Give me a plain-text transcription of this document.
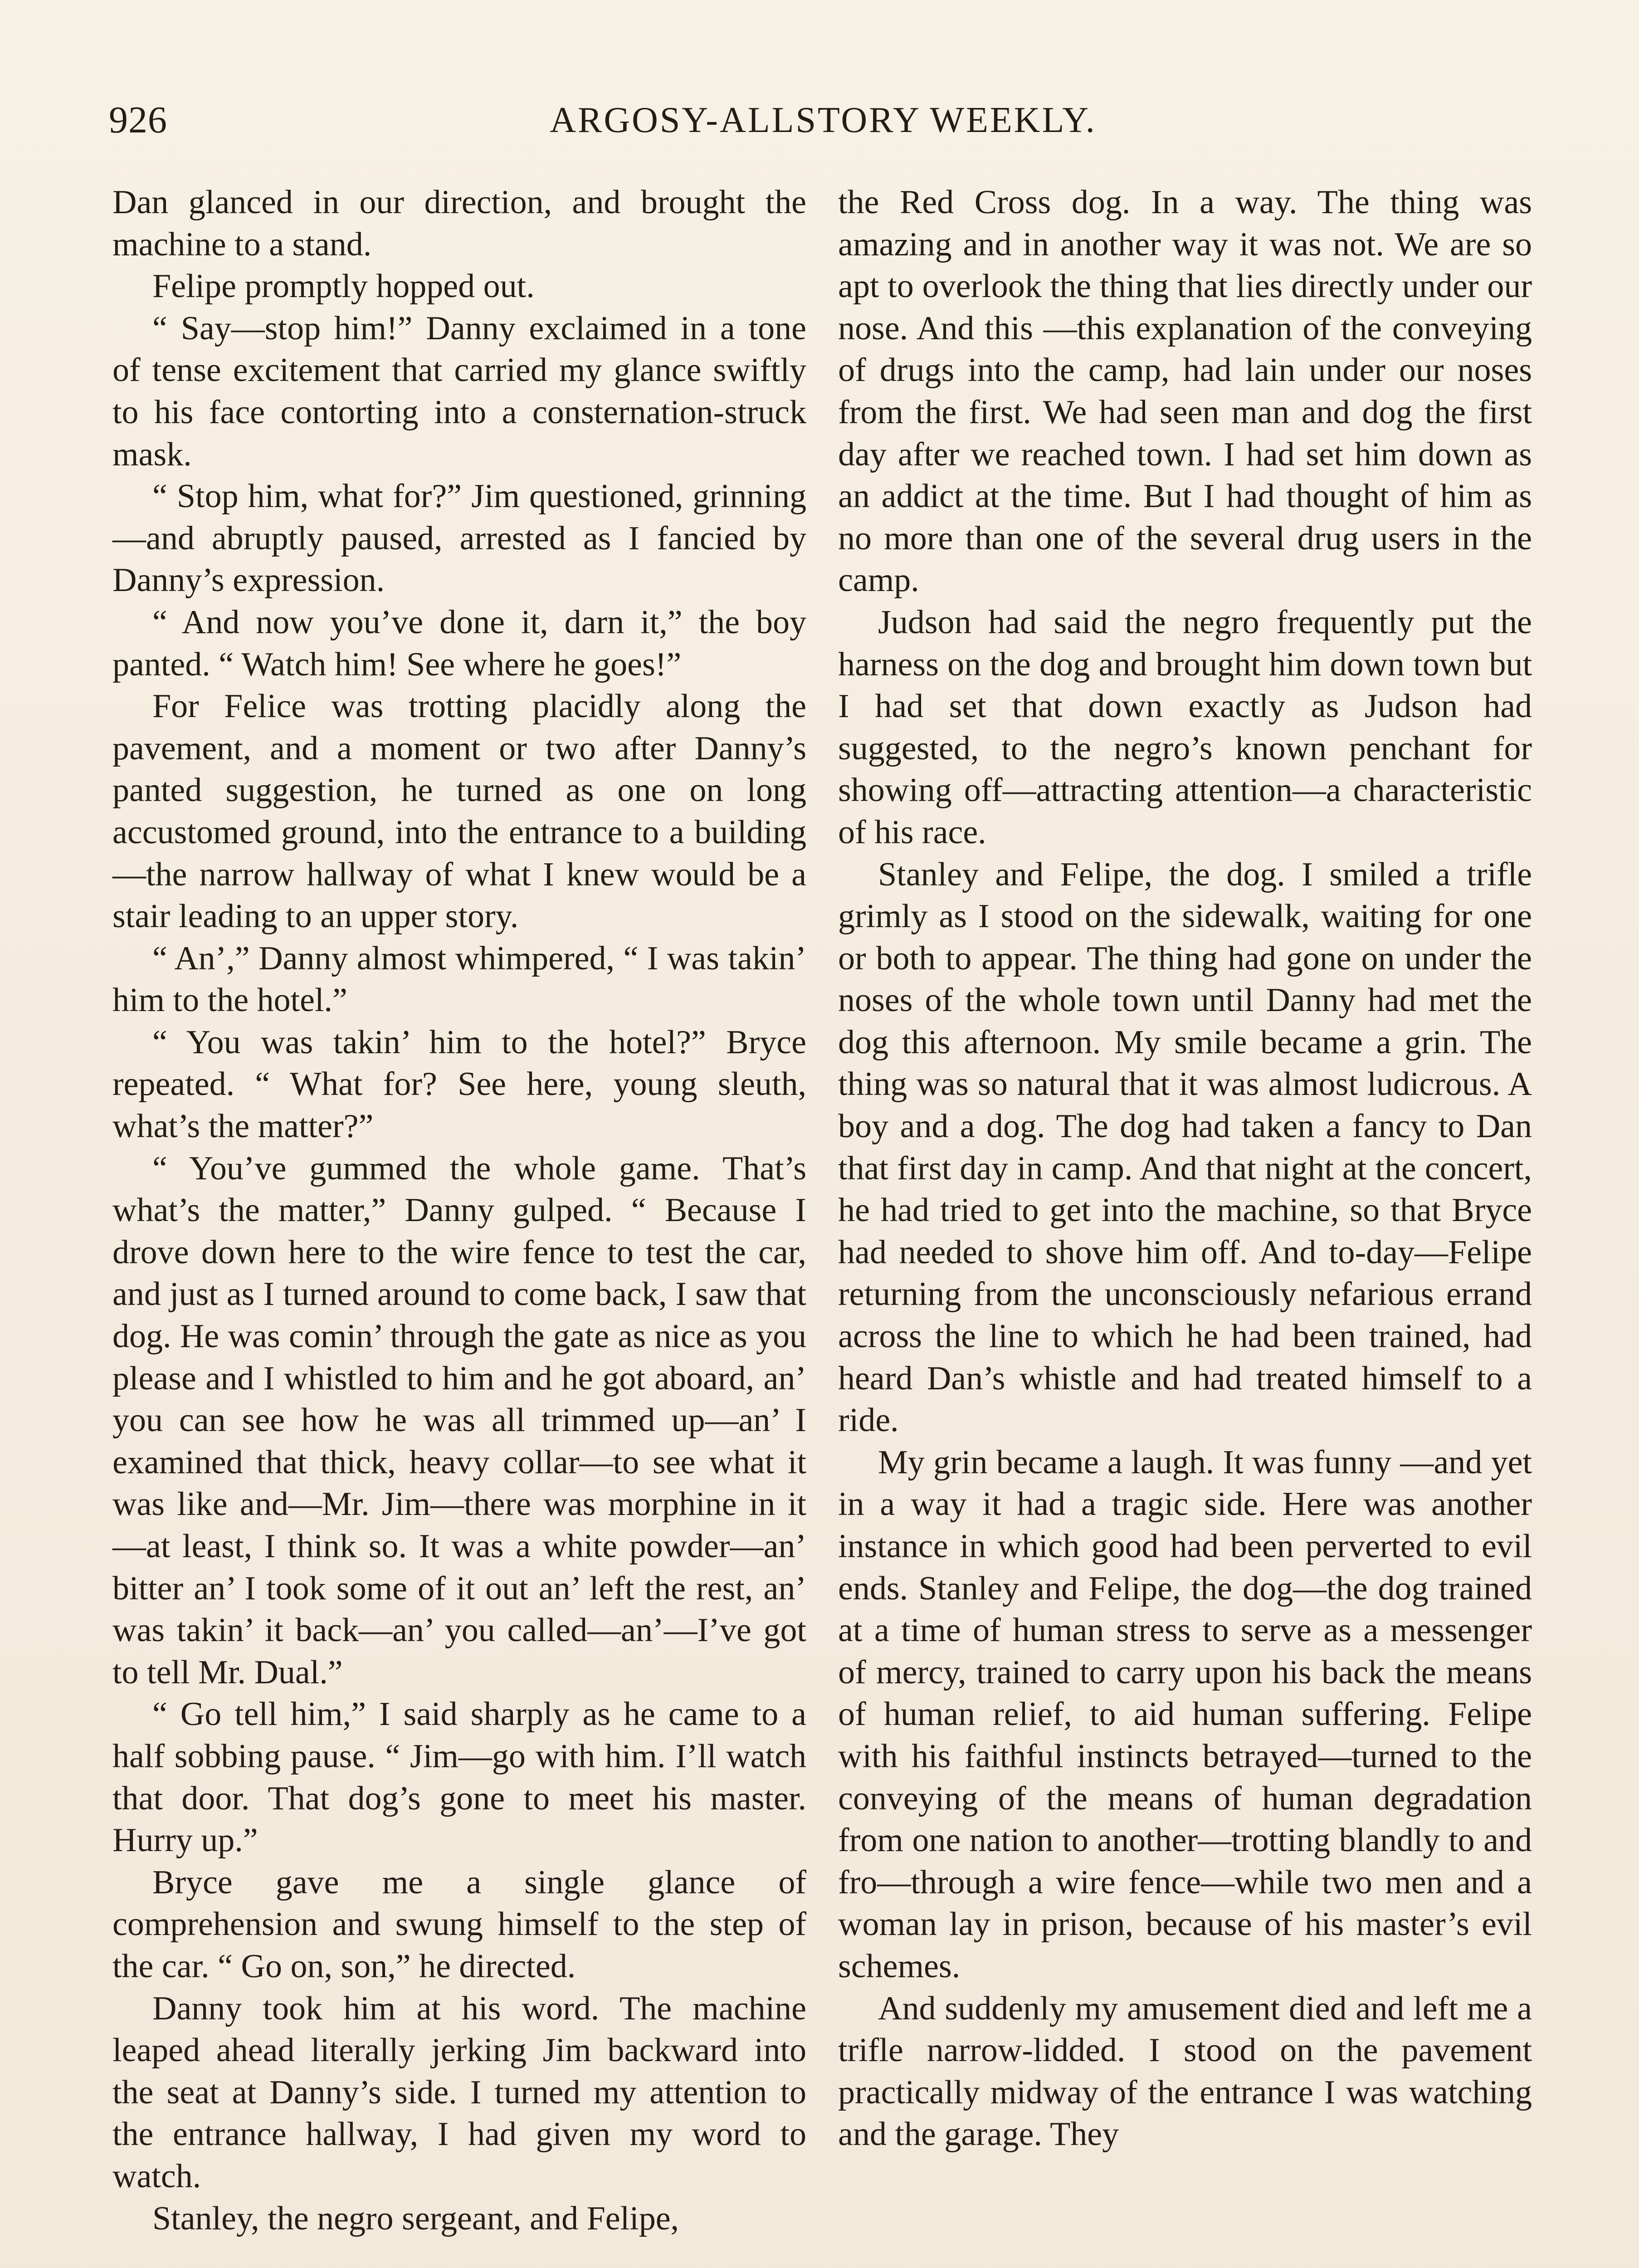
926	ARGOSY-ALLSTORY WEEKLY.

Dan glanced in our direction, and brought the machine to a stand.

Felipe promptly hopped out.

“ Say—stop him!” Danny exclaimed in a tone of tense excitement that carried my glance swiftly to his face contorting into a consternation-struck mask.

“ Stop him, what for?” Jim questioned, grinning—and abruptly paused, arrested as I fancied by Danny’s expression.

“ And now you’ve done it, darn it,” the boy panted. “ Watch him! See where he goes!”

For Felice was trotting placidly along the pavement, and a moment or two after Danny’s panted suggestion, he turned as one on long accustomed ground, into the entrance to a building—the narrow hallway of what I knew would be a stair leading to an upper story.

“ An’,” Danny almost whimpered, “ I was takin’ him to the hotel.”

“ You was takin’ him to the hotel?” Bryce repeated. “ What for? See here, young sleuth, what’s the matter?”

“ You’ve gummed the whole game. That’s what’s the matter,” Danny gulped. “ Because I drove down here to the wire fence to test the car, and just as I turned around to come back, I saw that dog. He was comin’ through the gate as nice as you please and I whistled to him and he got aboard, an’ you can see how he was all trimmed up—an’ I examined that thick, heavy collar—to see what it was like and—Mr. Jim—there was morphine in it—at least, I think so. It was a white powder—an’ bitter an’ I took some of it out an’ left the rest, an’ was takin’ it back—an’ you called—an’—I’ve got to tell Mr. Dual.”

“ Go tell him,” I said sharply as he came to a half sobbing pause. “ Jim—go with him. I’ll watch that door. That dog’s gone to meet his master. Hurry up.”

Bryce gave me a single glance of comprehension and swung himself to the step of the car. “ Go on, son,” he directed.

Danny took him at his word. The machine leaped ahead literally jerking Jim backward into the seat at Danny’s side. I turned my attention to the entrance hallway, I had given my word to watch.

Stanley, the negro sergeant, and Felipe,

the Red Cross dog. In a way. The thing was amazing and in another way it was not. We are so apt to overlook the thing that lies directly under our nose. And this —this explanation of the conveying of drugs into the camp, had lain under our noses from the first. We had seen man and dog the first day after we reached town. I had set him down as an addict at the time. But I had thought of him as no more than one of the several drug users in the camp.

Judson had said the negro frequently put the harness on the dog and brought him down town but I had set that down exactly as Judson had suggested, to the negro’s known penchant for showing off—attracting attention—a characteristic of his race.

Stanley and Felipe, the dog. I smiled a trifle grimly as I stood on the sidewalk, waiting for one or both to appear. The thing had gone on under the noses of the whole town until Danny had met the dog this afternoon. My smile became a grin. The thing was so natural that it was almost ludicrous. A boy and a dog. The dog had taken a fancy to Dan that first day in camp. And that night at the concert, he had tried to get into the machine, so that Bryce had needed to shove him off. And to-day—Felipe returning from the unconsciously nefarious errand across the line to which he had been trained, had heard Dan’s whistle and had treated himself to a ride.

My grin became a laugh. It was funny —and yet in a way it had a tragic side. Here was another instance in which good had been perverted to evil ends. Stanley and Felipe, the dog—the dog trained at a time of human stress to serve as a messenger of mercy, trained to carry upon his back the means of human relief, to aid human suffering. Felipe with his faithful instincts betrayed—turned to the conveying of the means of human degradation from one nation to another—trotting blandly to and fro—through a wire fence—while two men and a woman lay in prison, because of his master’s evil schemes.

And suddenly my amusement died and left me a trifle narrow-lidded. I stood on the pavement practically midway of the entrance I was watching and the garage. They
